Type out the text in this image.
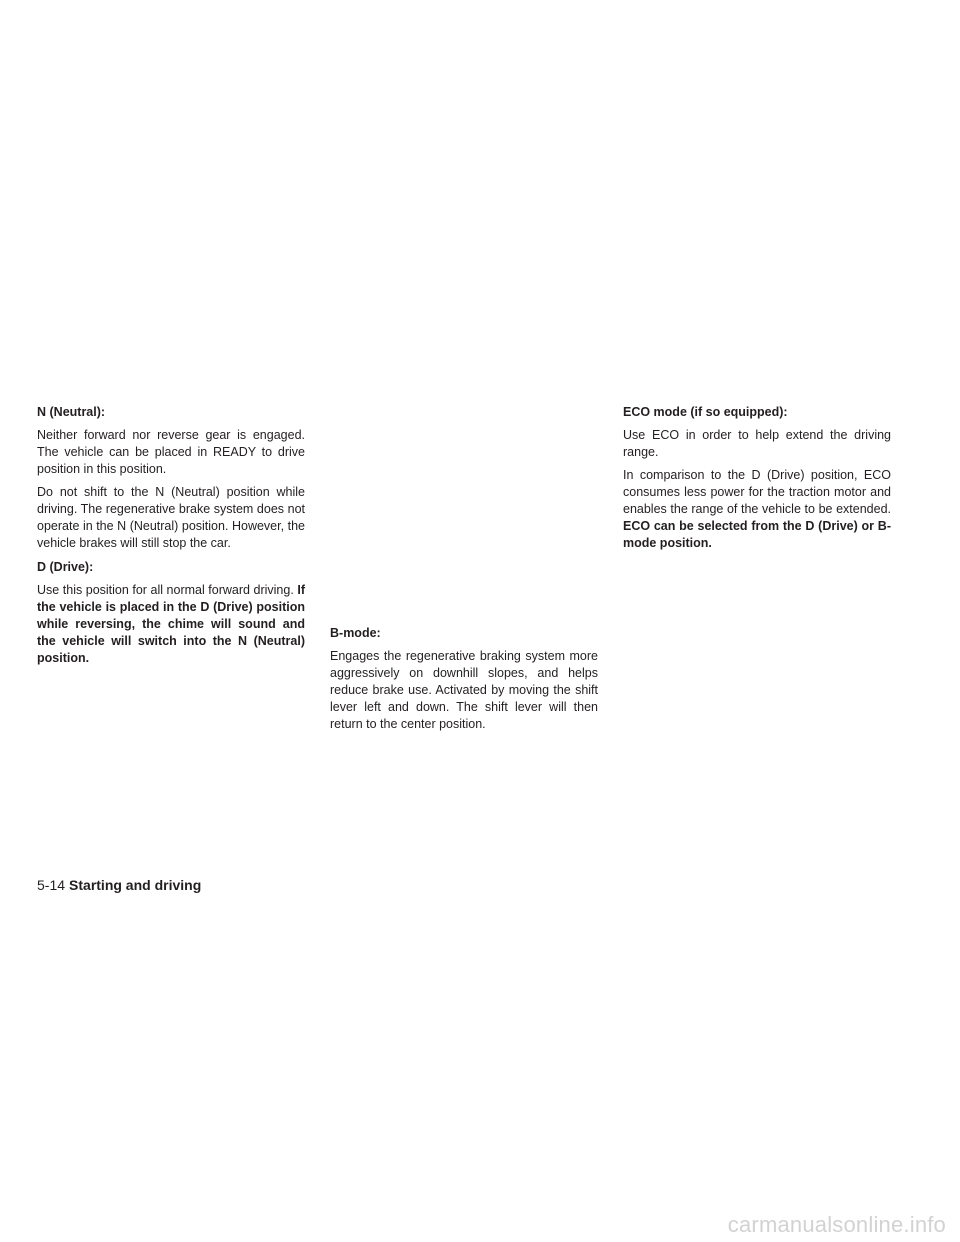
N (Neutral):

Neither forward nor reverse gear is engaged. The vehicle can be placed in READY to drive position in this position.

Do not shift to the N (Neutral) position while driving. The regenerative brake system does not operate in the N (Neutral) position. However, the vehicle brakes will still stop the car.

D (Drive):

Use this position for all normal forward driving. If the vehicle is placed in the D (Drive) position while reversing, the chime will sound and the vehicle will switch into the N (Neutral) position.

B-mode:

Engages the regenerative braking system more aggressively on downhill slopes, and helps reduce brake use. Activated by moving the shift lever left and down. The shift lever will then return to the center position.

ECO mode (if so equipped):

Use ECO in order to help extend the driving range.

In comparison to the D (Drive) position, ECO consumes less power for the traction motor and enables the range of the vehicle to be extended. ECO can be selected from the D (Drive) or B-mode position.

5-14 Starting and driving
carmanualsonline.info
